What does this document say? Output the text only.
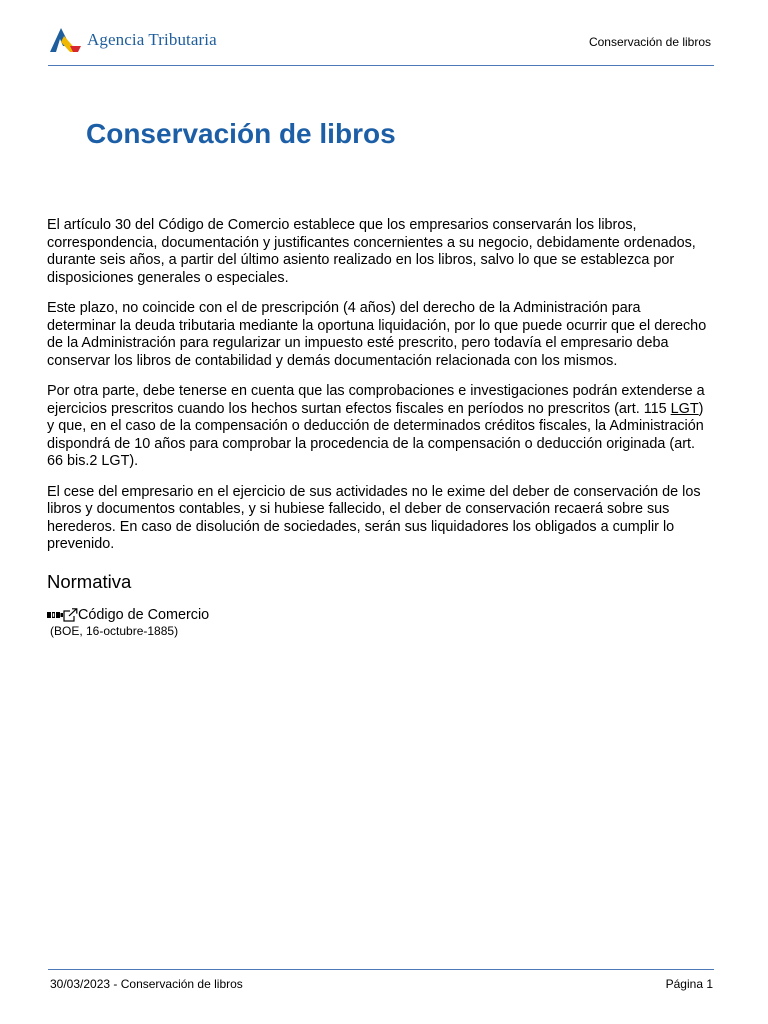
Agencia Tributaria	Conservación de libros
Conservación de libros

El artículo 30 del Código de Comercio establece que los empresarios conservarán los libros, correspondencia, documentación y justificantes concernientes a su negocio, debidamente ordenados, durante seis años, a partir del último asiento realizado en los libros, salvo lo que se establezca por disposiciones generales o especiales.

Este plazo, no coincide con el de prescripción (4 años) del derecho de la Administración para determinar la deuda tributaria mediante la oportuna liquidación, por lo que puede ocurrir que el derecho de la Administración para regularizar un impuesto esté prescrito, pero todavía el empresario deba conservar los libros de contabilidad y demás documentación relacionada con los mismos.

Por otra parte, debe tenerse en cuenta que las comprobaciones e investigaciones podrán extenderse a ejercicios prescritos cuando los hechos surtan efectos fiscales en períodos no prescritos (art. 115 LGT) y que, en el caso de la compensación o deducción de determinados créditos fiscales, la Administración dispondrá de 10 años para comprobar la procedencia de la compensación o deducción originada (art. 66 bis.2 LGT).

El cese del empresario en el ejercicio de sus actividades no le exime del deber de conservación de los libros y documentos contables, y si hubiese fallecido, el deber de conservación recaerá sobre sus herederos. En caso de disolución de sociedades, serán sus liquidadores los obligados a cumplir lo prevenido.

Normativa
Código de Comercio
(BOE, 16-octubre-1885)
30/03/2023 - Conservación de libros	Página 1
